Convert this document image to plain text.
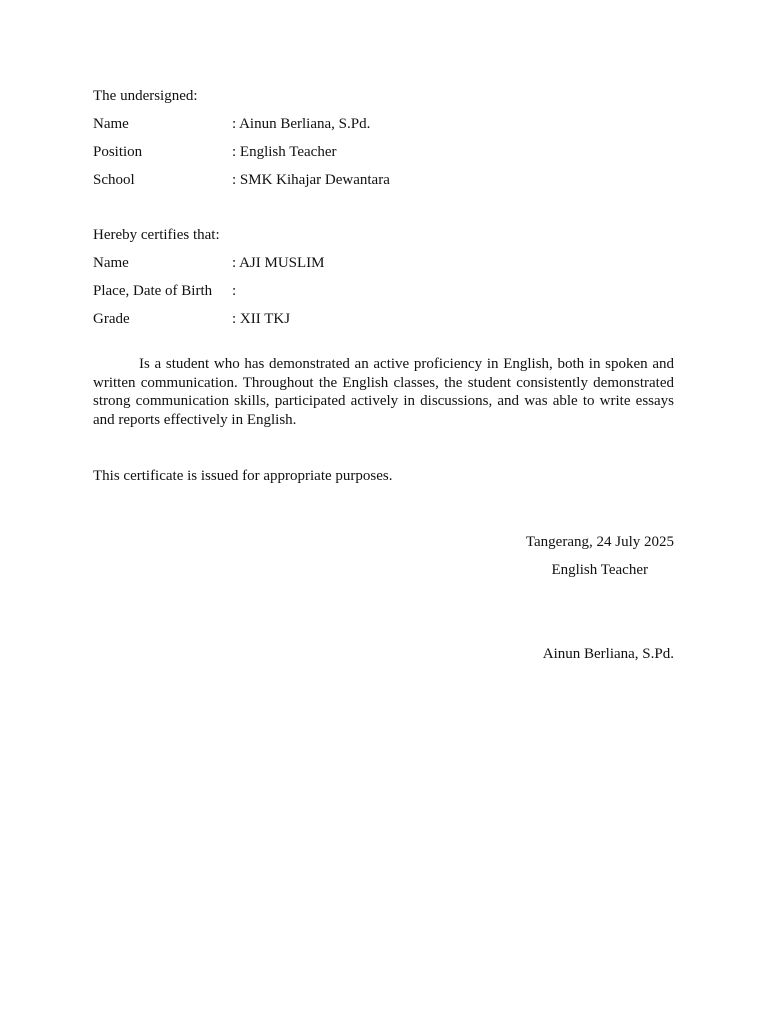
The undersigned:
Name	: Ainun Berliana, S.Pd.
Position	: English Teacher
School	: SMK Kihajar Dewantara
Hereby certifies that:
Name	: AJI MUSLIM
Place, Date of Birth	:
Grade	: XII TKJ
Is a student who has demonstrated an active proficiency in English, both in spoken and written communication. Throughout the English classes, the student consistently demonstrated strong communication skills, participated actively in discussions, and was able to write essays and reports effectively in English.
This certificate is issued for appropriate purposes.
Tangerang, 24 July 2025
English Teacher
Ainun Berliana, S.Pd.
